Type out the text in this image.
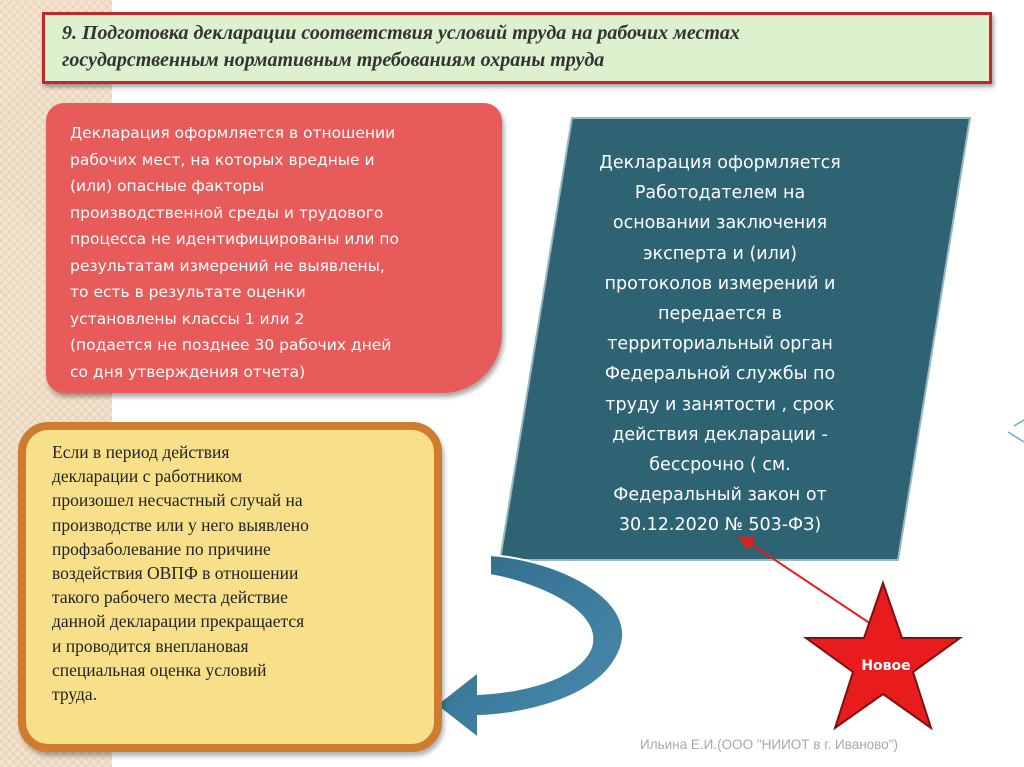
9. Подготовка декларации соответствия условий труда на рабочих местах
государственным нормативным требованиям охраны труда
Декларация оформляется в отношении
рабочих мест, на которых вредные и
(или) опасные факторы
производственной среды и трудового
процесса не идентифицированы или по
результатам измерений не выявлены,
то есть в результате оценки
установлены классы 1 или 2
(подается не позднее 30 рабочих дней
со дня утверждения отчета)
Декларация оформляется
Работодателем на
основании заключения
эксперта и (или)
протоколов измерений и
передается в
территориальный орган
Федеральной службы по
труду и занятости , срок
действия декларации -
бессрочно ( см.
Федеральный закон от
30.12.2020 № 503-ФЗ)
Если в период действия
декларации с работником
произошел несчастный случай на
производстве или у него выявлено
профзаболевание по причине
воздействия ОВПФ в отношении
такого рабочего места действие
данной декларации прекращается
и проводится внеплановая
специальная оценка условий
труда.
Новое
Ильина Е.И.(ООО "НИИОТ в г. Иваново")
